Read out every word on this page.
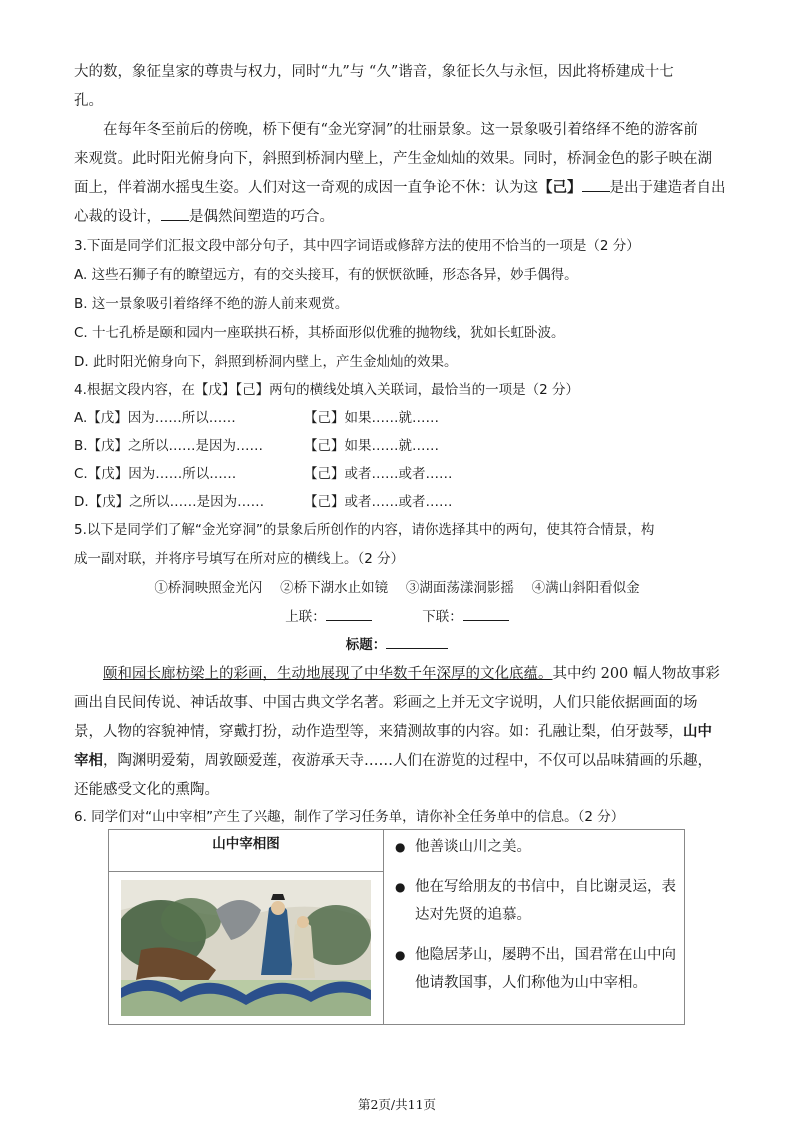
大的数，象征皇家的尊贵与权力，同时“九”与 “久”谐音，象征长久与永恒，因此将桥建成十七

孔。

在每年冬至前后的傍晚，桥下便有“金光穿洞”的壮丽景象。这一景象吸引着络绎不绝的游客前

来观赏。此时阳光俯身向下，斜照到桥洞内壁上，产生金灿灿的效果。同时，桥洞金色的影子映在湖

面上，伴着湖水摇曳生姿。人们对这一奇观的成因一直争论不休：认为这【己】 是出于建造者自出

心裁的设计， 是偶然间塑造的巧合。

3.下面是同学们汇报文段中部分句子，其中四字词语或修辞方法的使用不恰当的一项是（2 分）

A. 这些石狮子有的瞭望远方，有的交头接耳，有的恹恹欲睡，形态各异，妙手偶得。

B. 这一景象吸引着络绎不绝的游人前来观赏。

C. 十七孔桥是颐和园内一座联拱石桥，其桥面形似优雅的抛物线，犹如长虹卧波。

D. 此时阳光俯身向下，斜照到桥洞内壁上，产生金灿灿的效果。

4.根据文段内容，在【戊】【己】两句的横线处填入关联词，最恰当的一项是（2 分）

A.【戊】因为……所以……	【己】如果……就……

B.【戊】之所以……是因为……	【己】如果……就……

C.【戊】因为……所以……	【己】或者……或者……

D.【戊】之所以……是因为……	【己】或者……或者……

5.以下是同学们了解“金光穿洞”的景象后所创作的内容，请你选择其中的两句，使其符合情景，构

成一副对联，并将序号填写在所对应的横线上。（2 分）

①桥洞映照金光闪　 ②桥下湖水止如镜　 ③湖面荡漾洞影摇　 ④满山斜阳看似金
上联：	下联：
标题：

颐和园长廊枋梁上的彩画，生动地展现了中华数千年深厚的文化底蕴。其中约 200 幅人物故事彩

画出自民间传说、神话故事、中国古典文学名著。彩画之上并无文字说明，人们只能依据画面的场

景，人物的容貌神情，穿戴打扮，动作造型等，来猜测故事的内容。如：孔融让梨，伯牙鼓琴，山中

宰相，陶渊明爱菊，周敦颐爱莲，夜游承天寺……人们在游览的过程中，不仅可以品味猜画的乐趣，

还能感受文化的熏陶。

6. 同学们对“山中宰相”产生了兴趣，制作了学习任务单，请你补全任务单中的信息。（2 分）

山中宰相图	● 他善谈山川之美。
● 他在写给朋友的书信中，自比谢灵运，表达对先贤的追慕。
● 他隐居茅山，屡聘不出，国君常在山中向他请教国事，人们称他为山中宰相。

第2页/共11页
